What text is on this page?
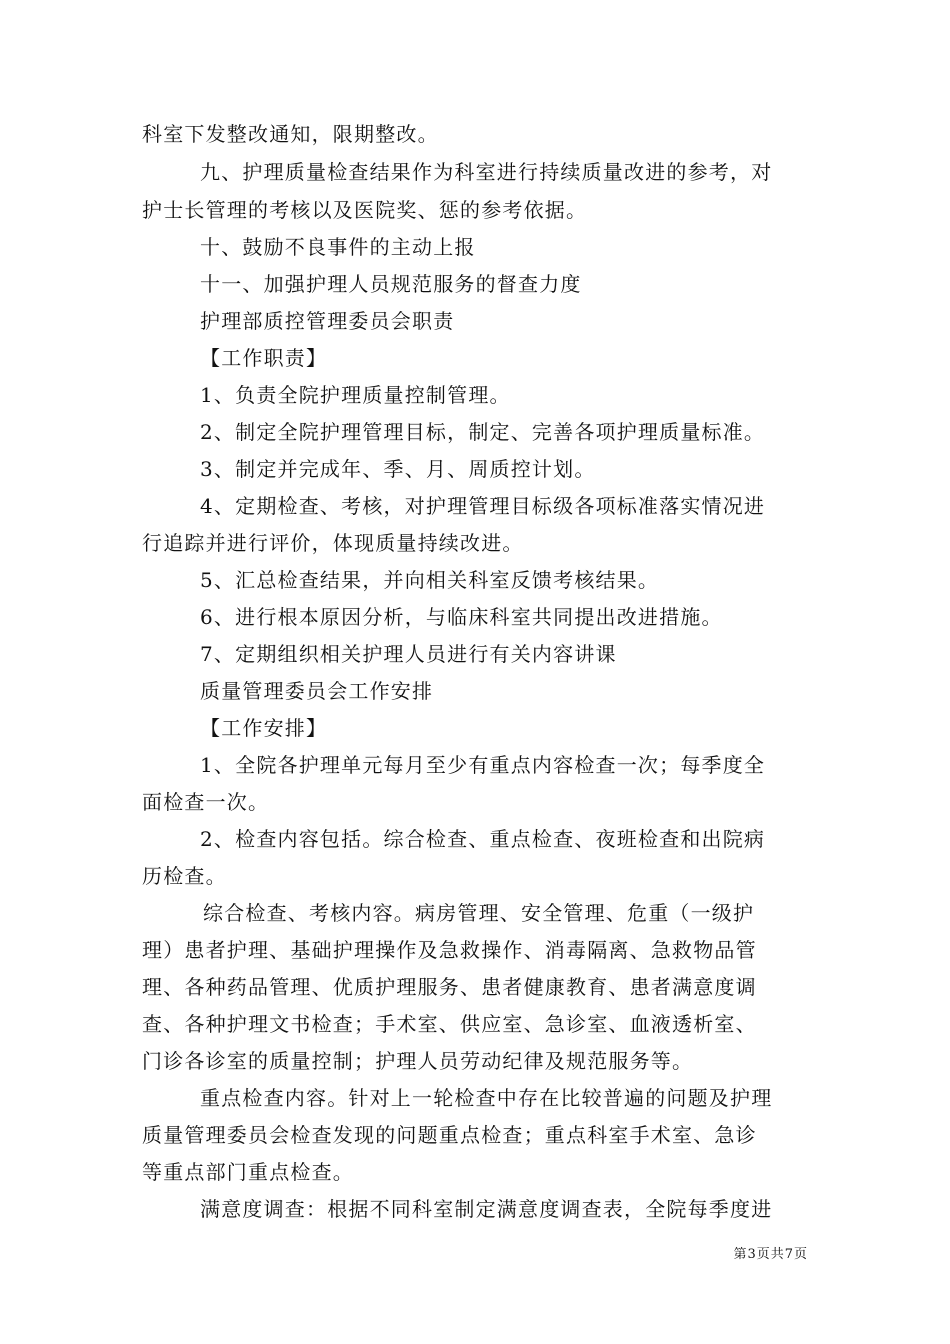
科室下发整改通知，限期整改。
九、护理质量检查结果作为科室进行持续质量改进的参考，对
护士长管理的考核以及医院奖、惩的参考依据。
十、鼓励不良事件的主动上报
十一、加强护理人员规范服务的督查力度
护理部质控管理委员会职责
【工作职责】
1、负责全院护理质量控制管理。
2、制定全院护理管理目标，制定、完善各项护理质量标准。
3、制定并完成年、季、月、周质控计划。
4、定期检查、考核，对护理管理目标级各项标准落实情况进
行追踪并进行评价，体现质量持续改进。
5、汇总检查结果，并向相关科室反馈考核结果。
6、进行根本原因分析，与临床科室共同提出改进措施。
7、定期组织相关护理人员进行有关内容讲课
质量管理委员会工作安排
【工作安排】
1、全院各护理单元每月至少有重点内容检查一次；每季度全
面检查一次。
2、检查内容包括。综合检查、重点检查、夜班检查和出院病
历检查。
综合检查、考核内容。病房管理、安全管理、危重（一级护
理）患者护理、基础护理操作及急救操作、消毒隔离、急救物品管
理、各种药品管理、优质护理服务、患者健康教育、患者满意度调
查、各种护理文书检查；手术室、供应室、急诊室、血液透析室、
门诊各诊室的质量控制；护理人员劳动纪律及规范服务等。
重点检查内容。针对上一轮检查中存在比较普遍的问题及护理
质量管理委员会检查发现的问题重点检查；重点科室手术室、急诊
等重点部门重点检查。
满意度调查：根据不同科室制定满意度调查表，全院每季度进
第3页共7页
